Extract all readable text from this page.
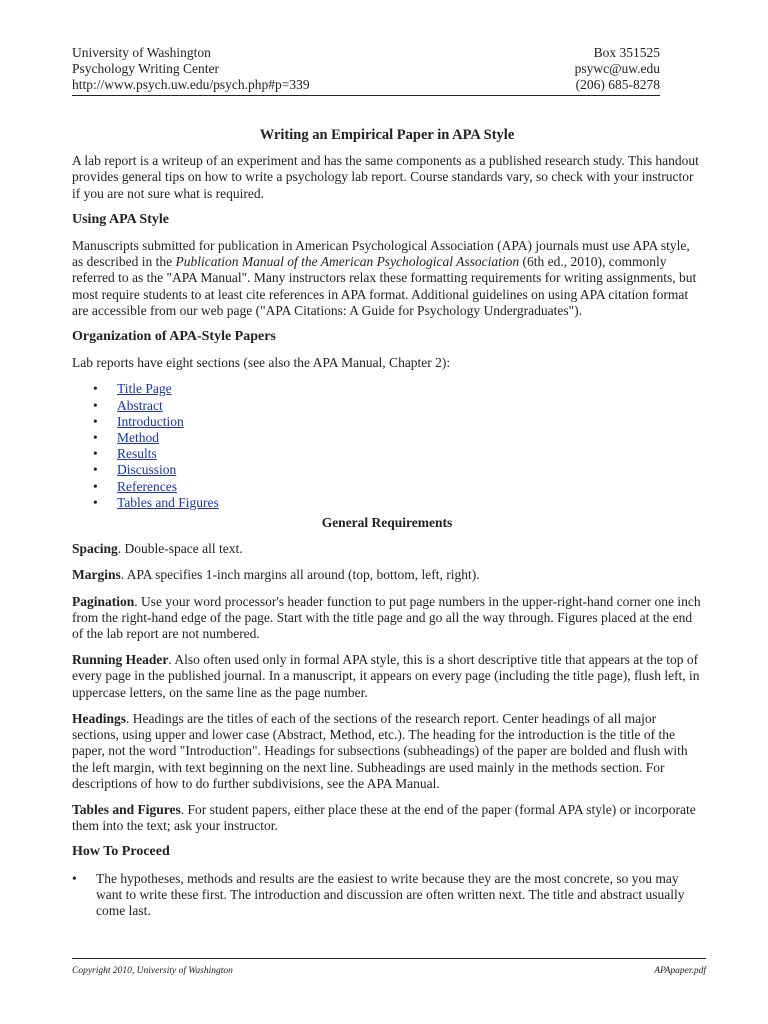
University of Washington
Psychology Writing Center
http://www.psych.uw.edu/psych.php#p=339
Box 351525
psywc@uw.edu
(206) 685-8278

Writing an Empirical Paper in APA Style

A lab report is a writeup of an experiment and has the same components as a published research study. This handout provides general tips on how to write a psychology lab report. Course standards vary, so check with your instructor if you are not sure what is required.

Using APA Style

Manuscripts submitted for publication in American Psychological Association (APA) journals must use APA style, as described in the Publication Manual of the American Psychological Association (6th ed., 2010), commonly referred to as the "APA Manual". Many instructors relax these formatting requirements for writing assignments, but most require students to at least cite references in APA format. Additional guidelines on using APA citation format are accessible from our web page ("APA Citations: A Guide for Psychology Undergraduates").

Organization of APA-Style Papers

Lab reports have eight sections (see also the APA Manual, Chapter 2):

• Title Page
• Abstract
• Introduction
• Method
• Results
• Discussion
• References
• Tables and Figures

General Requirements

Spacing. Double-space all text.

Margins. APA specifies 1-inch margins all around (top, bottom, left, right).

Pagination. Use your word processor's header function to put page numbers in the upper-right-hand corner one inch from the right-hand edge of the page. Start with the title page and go all the way through. Figures placed at the end of the lab report are not numbered.

Running Header. Also often used only in formal APA style, this is a short descriptive title that appears at the top of every page in the published journal. In a manuscript, it appears on every page (including the title page), flush left, in uppercase letters, on the same line as the page number.

Headings. Headings are the titles of each of the sections of the research report. Center headings of all major sections, using upper and lower case (Abstract, Method, etc.). The heading for the introduction is the title of the paper, not the word "Introduction". Headings for subsections (subheadings) of the paper are bolded and flush with the left margin, with text beginning on the next line. Subheadings are used mainly in the methods section. For descriptions of how to do further subdivisions, see the APA Manual.

Tables and Figures. For student papers, either place these at the end of the paper (formal APA style) or incorporate them into the text; ask your instructor.

How To Proceed

• The hypotheses, methods and results are the easiest to write because they are the most concrete, so you may want to write these first. The introduction and discussion are often written next. The title and abstract usually come last.
Copyright 2010, University of Washington	APApaper.pdf
